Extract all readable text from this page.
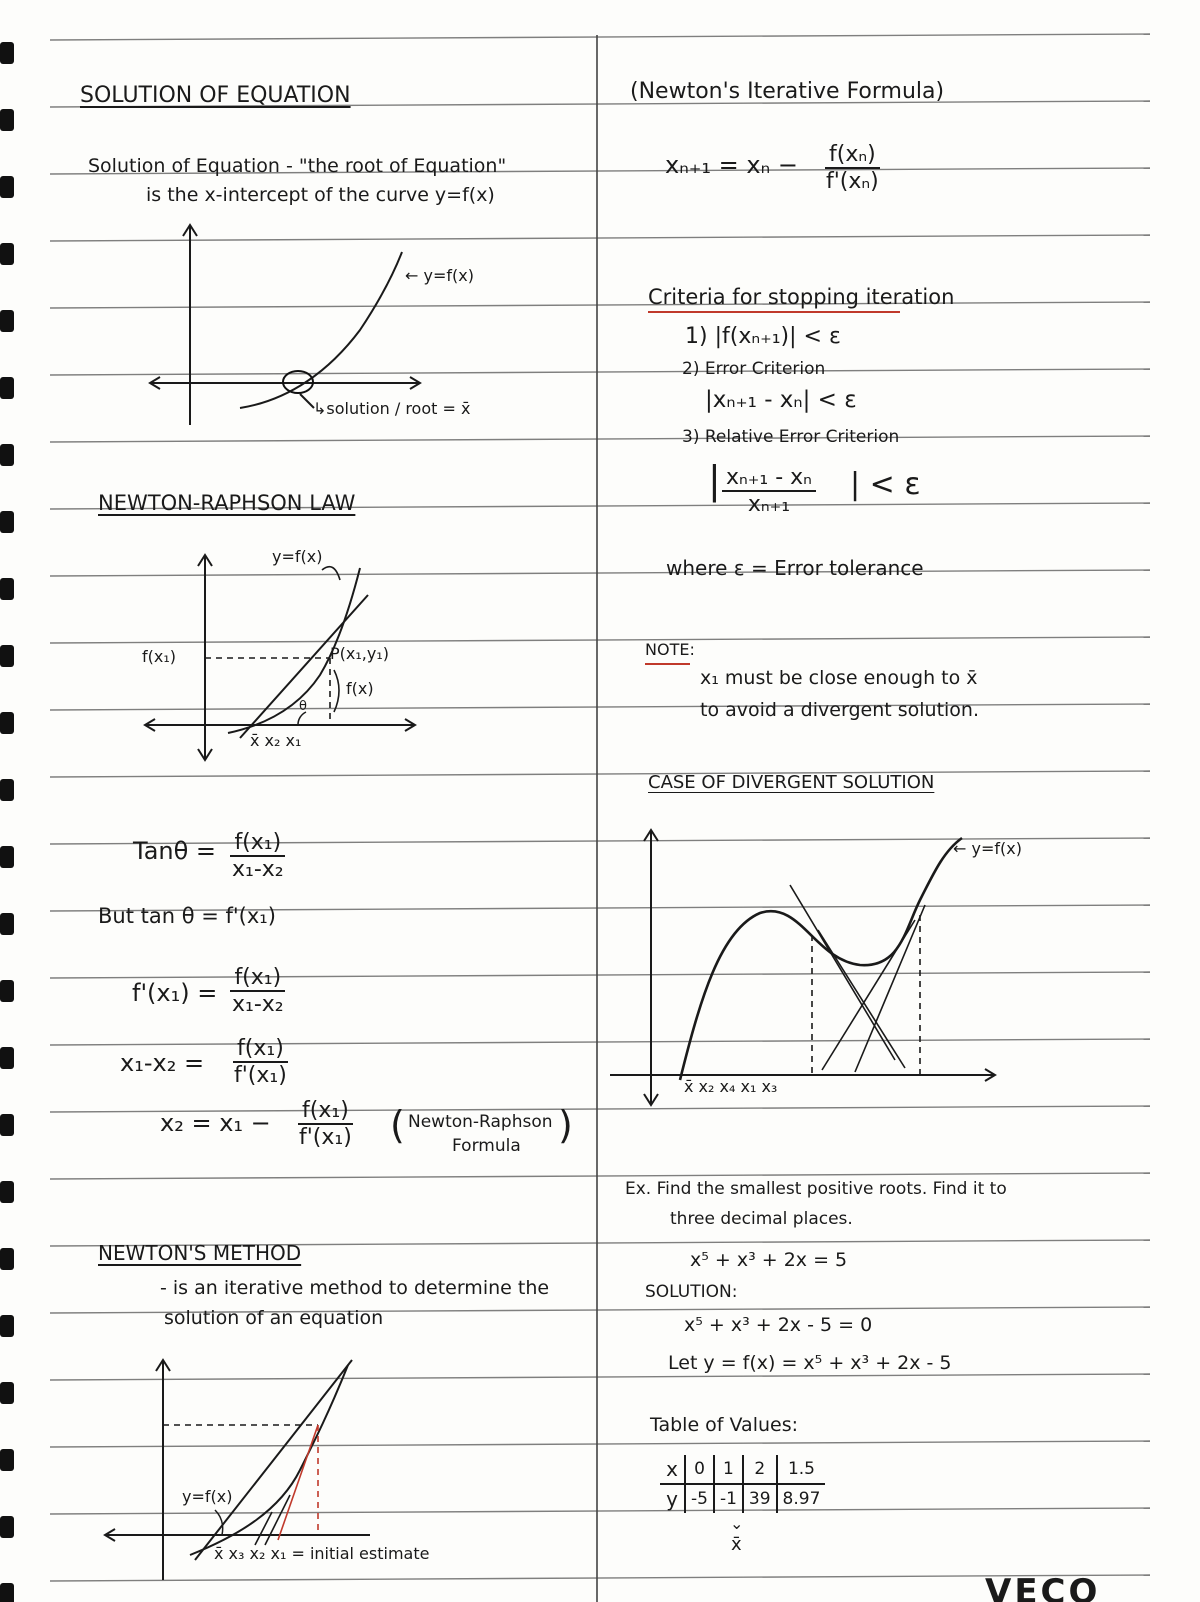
SOLUTION OF EQUATION
Solution of Equation - "the root of Equation"
is the x-intercept of the curve y=f(x)
← y=f(x)
↳solution / root = x̄
NEWTON-RAPHSON LAW
y=f(x)
f(x₁)	P(x₁,y₁)
f(x)
θ
x̄ x₂ x₁
$Tan\theta = \frac{\text{f(x₁)}}{\text{x₁-x₂}}$
But tan θ = f'(x₁)
$f'(x_1) = \frac{\text{f(x₁)}}{\text{x₁-x₂}}$
$x_1-x_2 = \frac{\text{f(x₁)}}{\text{f'(x₁)}}$
$x_2 = x_1 - \frac{\text{f(x₁)}}{\text{f'(x₁)}}$ ( Newton-Raphson
Formula )
NEWTON'S METHOD
- is an iterative method to determine the
solution of an equation
y=f(x)
x̄ x₃ x₂ x₁ = initial estimate
(Newton's Iterative Formula)
$x_{n+1} = x_n - \frac{\text{f(xₙ)}}{\text{f'(xₙ)}}$
Criteria for stopping iteration
1) |f(xₙ₊₁)| < ε
2) Error Criterion
|xₙ₊₁ - xₙ| < ε
3) Relative Error Criterion
| $\frac{\text{xₙ₊₁ - xₙ}}{\text{xₙ₊₁}}$ | < ε
where ε = Error tolerance
NOTE:
x₁ must be close enough to x̄
to avoid a divergent solution.
CASE OF DIVERGENT SOLUTION
← y=f(x)
x̄ x₂ x₄ x₁ x₃
Ex. Find the smallest positive roots. Find it to
three decimal places.
x⁵ + x³ + 2x = 5
SOLUTION:
x⁵ + x³ + 2x - 5 = 0
Let y = f(x) = x⁵ + x³ + 2x - 5
Table of Values:
x	0	1	2	1.5
y	-5	-1	39	8.97
⌄
x̄
VECO
